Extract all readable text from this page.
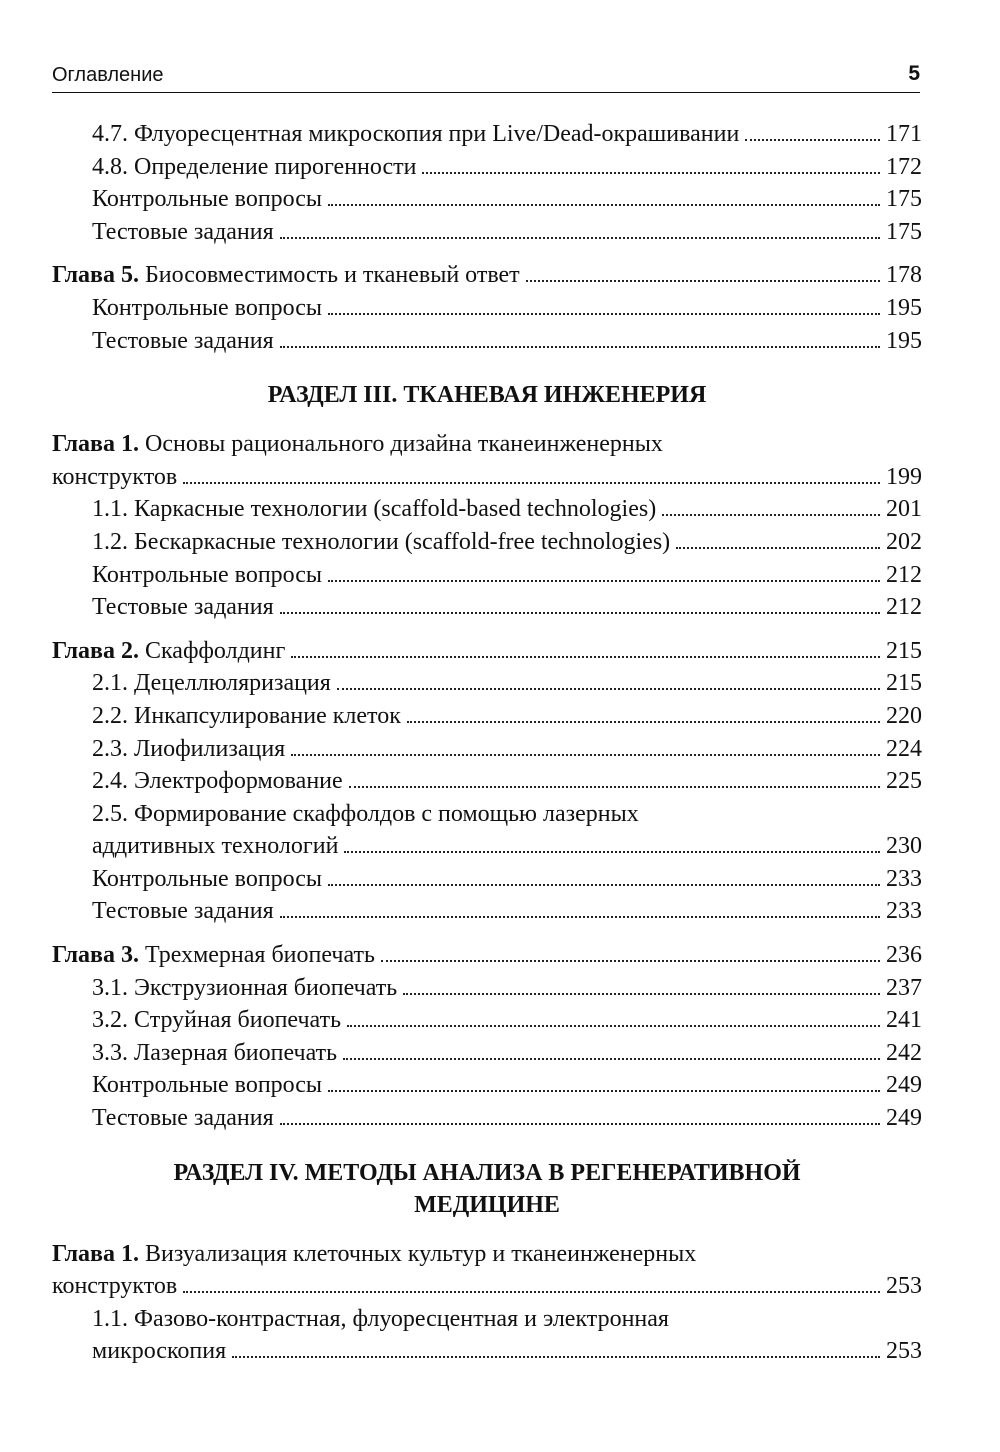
Оглавление	5
4.7. Флуоресцентная микроскопия при Live/Dead-окрашивании	171
4.8. Определение пирогенности	172
Контрольные вопросы	175
Тестовые задания	175
Глава 5. Биосовместимость и тканевый ответ	178
Контрольные вопросы	195
Тестовые задания	195
РАЗДЕЛ III. ТКАНЕВАЯ ИНЖЕНЕРИЯ
Глава 1. Основы рационального дизайна тканеинженерных
конструктов	199
1.1. Каркасные технологии (scaffold-based technologies)	201
1.2. Бескаркасные технологии (scaffold-free technologies)	202
Контрольные вопросы	212
Тестовые задания	212
Глава 2. Скаффолдинг	215
2.1. Децеллюляризация	215
2.2. Инкапсулирование клеток	220
2.3. Лиофилизация	224
2.4. Электроформование	225
2.5. Формирование скаффолдов с помощью лазерных
аддитивных технологий	230
Контрольные вопросы	233
Тестовые задания	233
Глава 3. Трехмерная биопечать	236
3.1. Экструзионная биопечать	237
3.2. Струйная биопечать	241
3.3. Лазерная биопечать	242
Контрольные вопросы	249
Тестовые задания	249
РАЗДЕЛ IV. МЕТОДЫ АНАЛИЗА В РЕГЕНЕРАТИВНОЙ
МЕДИЦИНЕ
Глава 1. Визуализация клеточных культур и тканеинженерных
конструктов	253
1.1. Фазово-контрастная, флуоресцентная и электронная
микроскопия	253
